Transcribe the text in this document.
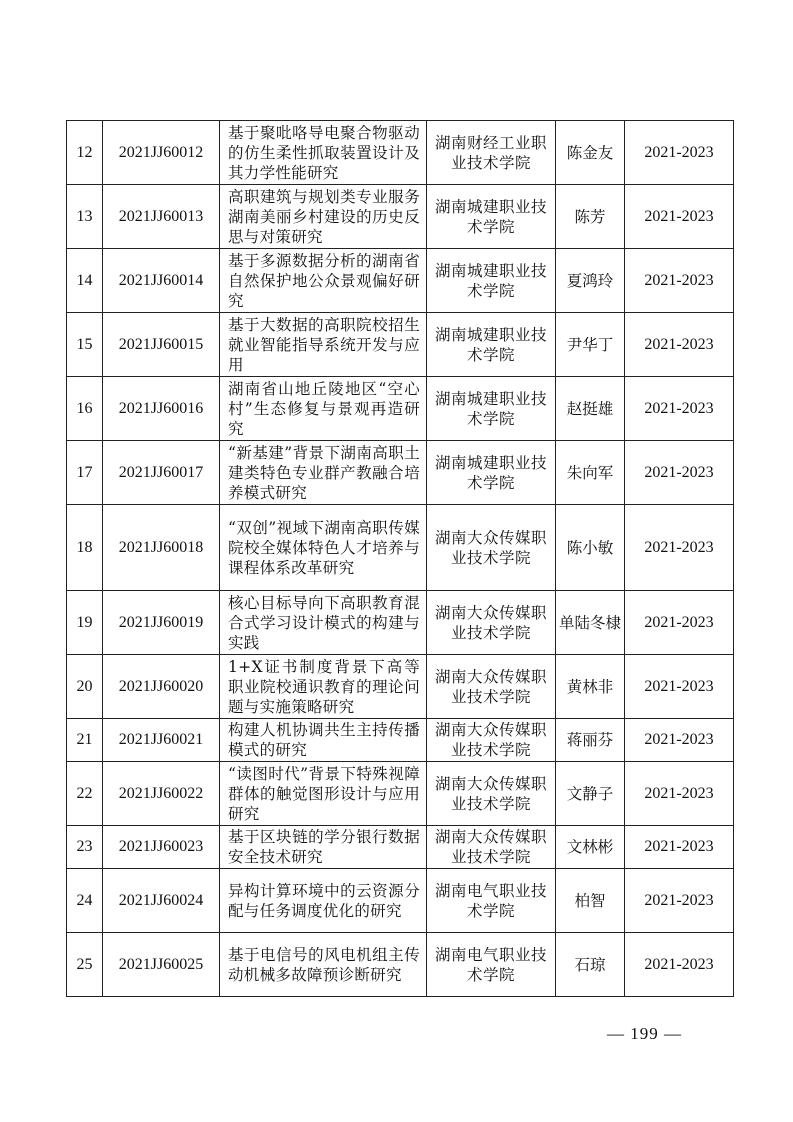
12	2021JJ60012	基于聚吡咯导电聚合物驱动的仿生柔性抓取装置设计及其力学性能研究	湖南财经工业职业技术学院	陈金友	2021-2023
13	2021JJ60013	高职建筑与规划类专业服务湖南美丽乡村建设的历史反思与对策研究	湖南城建职业技术学院	陈芳	2021-2023
14	2021JJ60014	基于多源数据分析的湖南省自然保护地公众景观偏好研究	湖南城建职业技术学院	夏鸿玲	2021-2023
15	2021JJ60015	基于大数据的高职院校招生就业智能指导系统开发与应用	湖南城建职业技术学院	尹华丁	2021-2023
16	2021JJ60016	湖南省山地丘陵地区“空心村”生态修复与景观再造研究	湖南城建职业技术学院	赵挺雄	2021-2023
17	2021JJ60017	“新基建”背景下湖南高职土建类特色专业群产教融合培养模式研究	湖南城建职业技术学院	朱向军	2021-2023
18	2021JJ60018	“双创”视域下湖南高职传媒院校全媒体特色人才培养与课程体系改革研究	湖南大众传媒职业技术学院	陈小敏	2021-2023
19	2021JJ60019	核心目标导向下高职教育混合式学习设计模式的构建与实践	湖南大众传媒职业技术学院	单陆冬棣	2021-2023
20	2021JJ60020	1+X证书制度背景下高等职业院校通识教育的理论问题与实施策略研究	湖南大众传媒职业技术学院	黄林非	2021-2023
21	2021JJ60021	构建人机协调共生主持传播模式的研究	湖南大众传媒职业技术学院	蒋丽芬	2021-2023
22	2021JJ60022	“读图时代”背景下特殊视障群体的触觉图形设计与应用研究	湖南大众传媒职业技术学院	文静子	2021-2023
23	2021JJ60023	基于区块链的学分银行数据安全技术研究	湖南大众传媒职业技术学院	文林彬	2021-2023
24	2021JJ60024	异构计算环境中的云资源分配与任务调度优化的研究	湖南电气职业技术学院	柏智	2021-2023
25	2021JJ60025	基于电信号的风电机组主传动机械多故障预诊断研究	湖南电气职业技术学院	石琼	2021-2023
— 199 —
